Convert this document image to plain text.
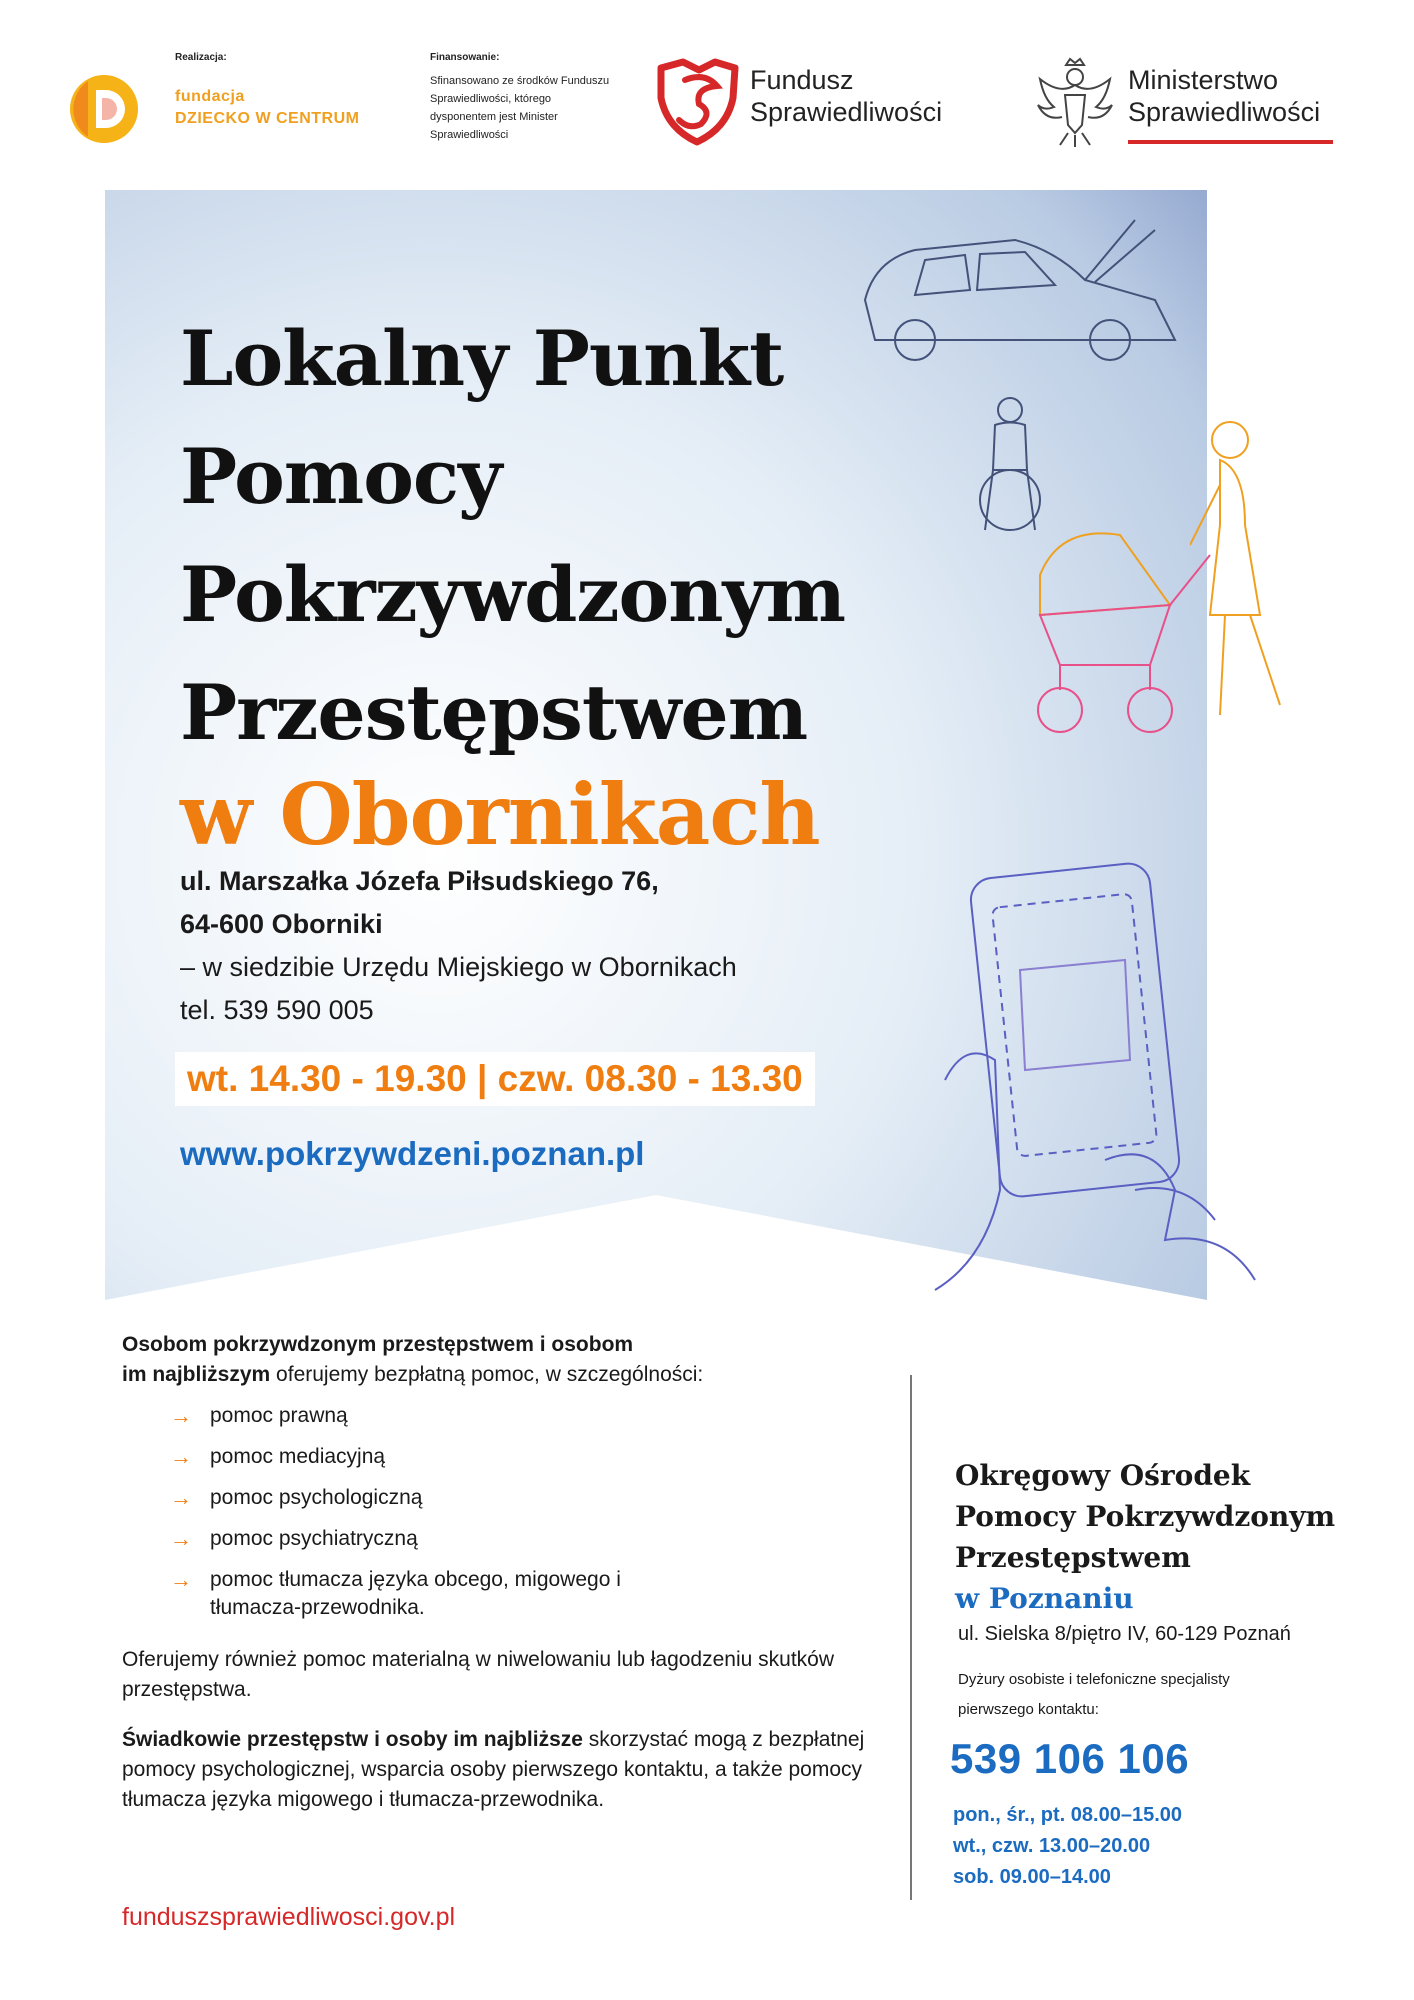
Realizacja:
fundacja
DZIECKO W CENTRUM
Finansowanie:
Sfinansowano ze środków Funduszu Sprawiedliwości, którego dysponentem jest Minister Sprawiedliwości
Fundusz
Sprawiedliwości
Ministerstwo
Sprawiedliwości
Lokalny Punkt
Pomocy
Pokrzywdzonym
Przestępstwem
w Obornikach
ul. Marszałka Józefa Piłsudskiego 76,
64-600 Oborniki
– w siedzibie Urzędu Miejskiego w Obornikach
tel. 539 590 005
wt. 14.30 - 19.30 | czw. 08.30 - 13.30
www.pokrzywdzeni.poznan.pl
Osobom pokrzywdzonym przestępstwem i osobom
im najbliższym oferujemy bezpłatną pomoc, w szczególności:
→ pomoc prawną
→ pomoc mediacyjną
→ pomoc psychologiczną
→ pomoc psychiatryczną
→ pomoc tłumacza języka obcego, migowego i tłumacza-przewodnika.
Oferujemy również pomoc materialną w niwelowaniu lub łagodzeniu skutków przestępstwa.
Świadkowie przestępstw i osoby im najbliższe skorzystać mogą z bezpłatnej pomocy psychologicznej, wsparcia osoby pierwszego kontaktu, a także pomocy tłumacza języka migowego i tłumacza-przewodnika.
funduszsprawiedliwosci.gov.pl
Okręgowy Ośrodek
Pomocy Pokrzywdzonym
Przestępstwem
w Poznaniu
ul. Sielska 8/piętro IV, 60-129 Poznań
Dyżury osobiste i telefoniczne specjalisty pierwszego kontaktu:
539 106 106
pon., śr., pt. 08.00–15.00
wt., czw. 13.00–20.00
sob. 09.00–14.00
